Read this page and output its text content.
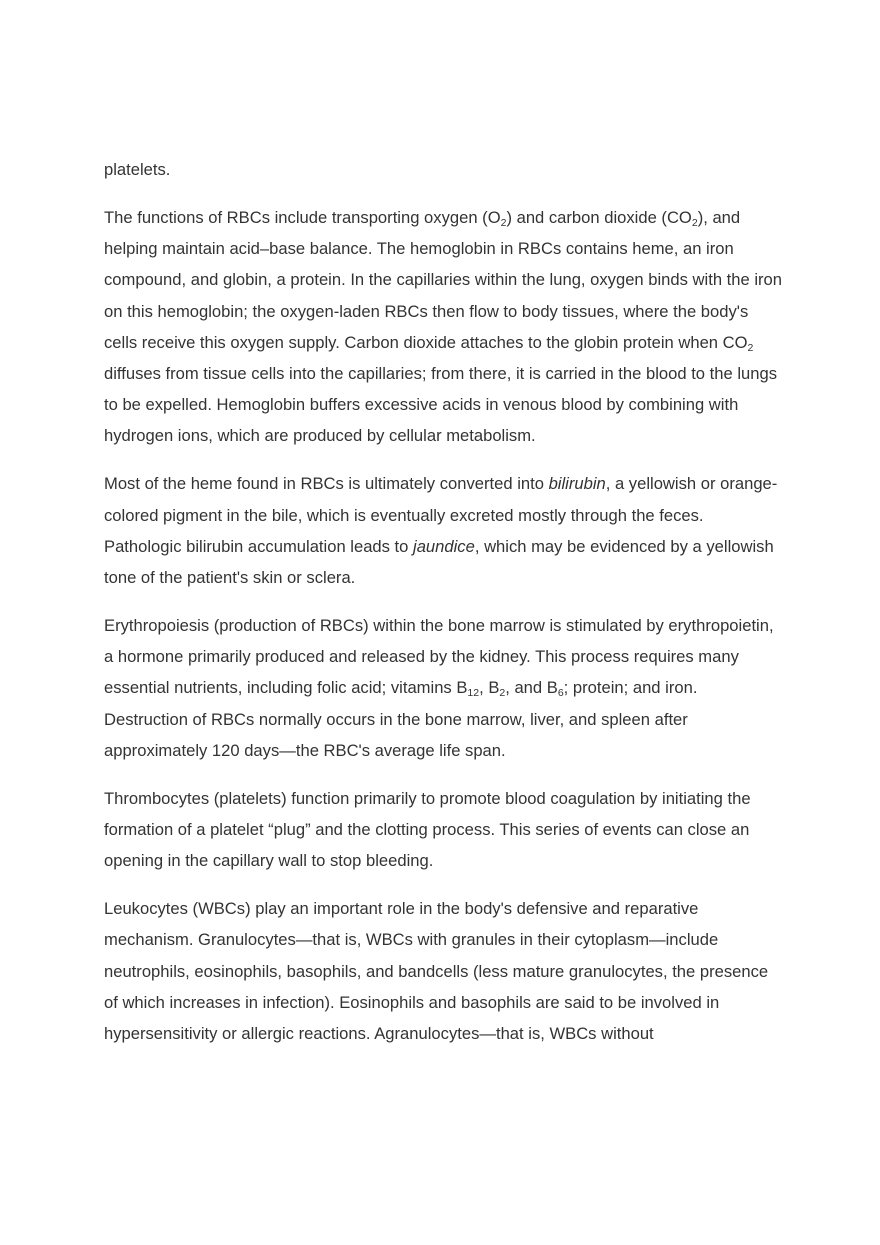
platelets.

The functions of RBCs include transporting oxygen $(O_2)$ and carbon dioxide $(CO_2)$, and helping maintain acid–base balance. The hemoglobin in RBCs contains heme, an iron compound, and globin, a protein. In the capillaries within the lung, oxygen binds with the iron on this hemoglobin; the oxygen-laden RBCs then flow to body tissues, where the body's cells receive this oxygen supply. Carbon dioxide attaches to the globin protein when $CO_2$ diffuses from tissue cells into the capillaries; from there, it is carried in the blood to the lungs to be expelled. Hemoglobin buffers excessive acids in venous blood by combining with hydrogen ions, which are produced by cellular metabolism.

Most of the heme found in RBCs is ultimately converted into bilirubin, a yellowish or orange-colored pigment in the bile, which is eventually excreted mostly through the feces. Pathologic bilirubin accumulation leads to jaundice, which may be evidenced by a yellowish tone of the patient's skin or sclera.

Erythropoiesis (production of RBCs) within the bone marrow is stimulated by erythropoietin, a hormone primarily produced and released by the kidney. This process requires many essential nutrients, including folic acid; vitamins $B_{12}$, $B_2$, and $B_6$; protein; and iron. Destruction of RBCs normally occurs in the bone marrow, liver, and spleen after approximately 120 days—the RBC's average life span.

Thrombocytes (platelets) function primarily to promote blood coagulation by initiating the formation of a platelet “plug” and the clotting process. This series of events can close an opening in the capillary wall to stop bleeding.

Leukocytes (WBCs) play an important role in the body's defensive and reparative mechanism. Granulocytes—that is, WBCs with granules in their cytoplasm—include neutrophils, eosinophils, basophils, and bandcells (less mature granulocytes, the presence of which increases in infection). Eosinophils and basophils are said to be involved in hypersensitivity or allergic reactions. Agranulocytes—that is, WBCs without
